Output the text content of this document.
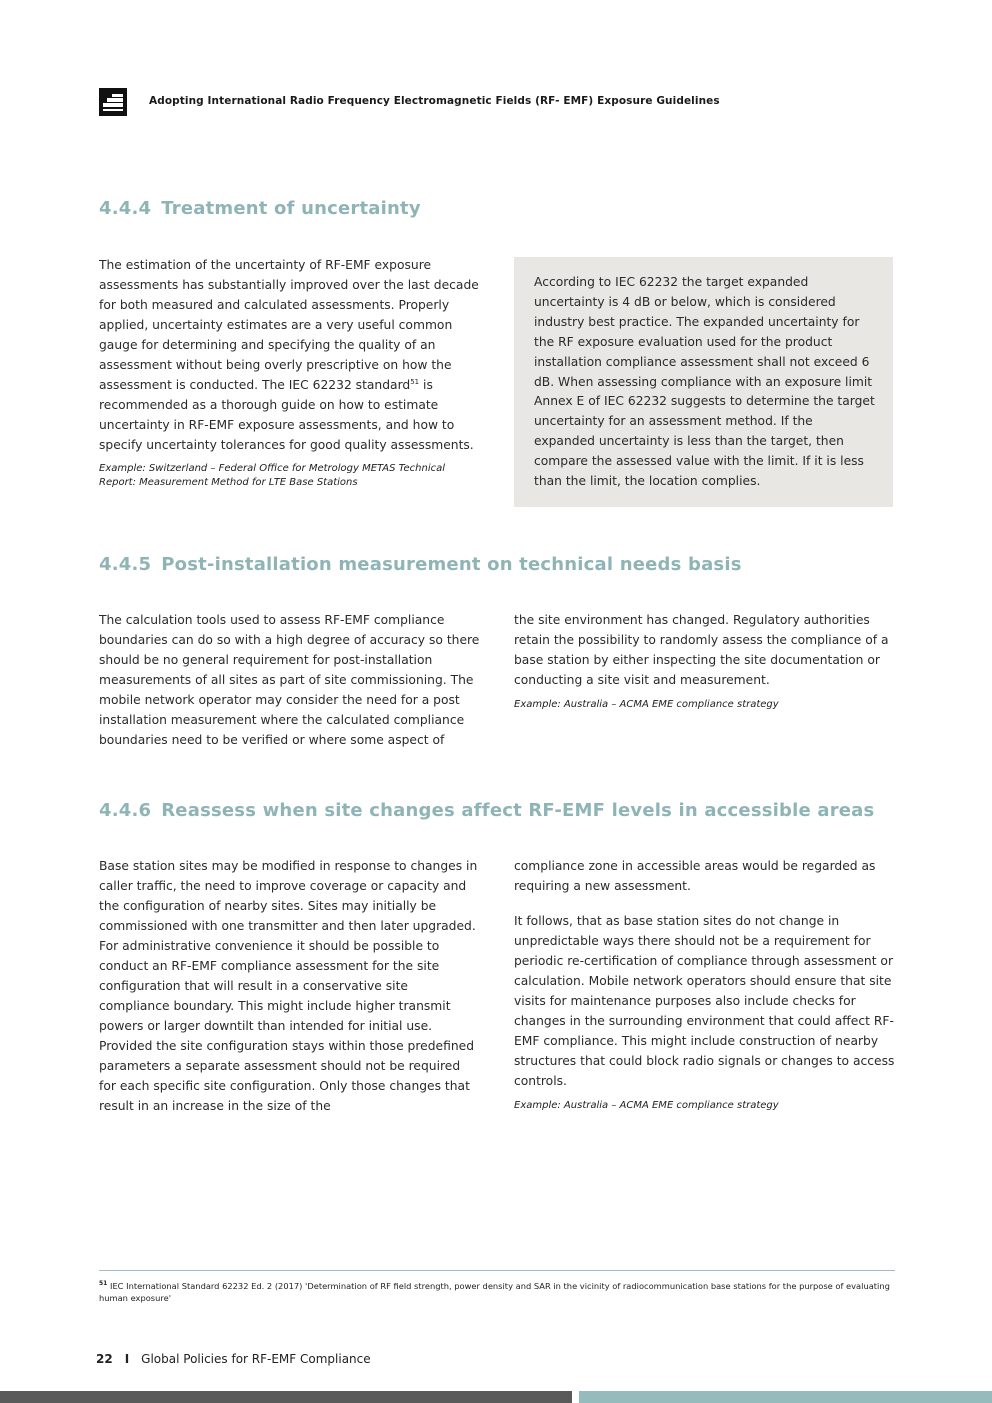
Adopting International Radio Frequency Electromagnetic Fields (RF- EMF) Exposure Guidelines
4.4.4 Treatment of uncertainty

The estimation of the uncertainty of RF-EMF exposure assessments has substantially improved over the last decade for both measured and calculated assessments. Properly applied, uncertainty estimates are a very useful common gauge for determining and specifying the quality of an assessment without being overly prescriptive on how the assessment is conducted. The IEC 62232 standard$^{51}$ is recommended as a thorough guide on how to estimate uncertainty in RF-EMF exposure assessments, and how to specify uncertainty tolerances for good quality assessments.

Example: Switzerland – Federal Office for Metrology METAS Technical Report: Measurement Method for LTE Base Stations
According to IEC 62232 the target expanded uncertainty is 4 dB or below, which is considered industry best practice. The expanded uncertainty for the RF exposure evaluation used for the product installation compliance assessment shall not exceed 6 dB. When assessing compliance with an exposure limit Annex E of IEC 62232 suggests to determine the target uncertainty for an assessment method. If the expanded uncertainty is less than the target, then compare the assessed value with the limit. If it is less than the limit, the location complies.
4.4.5 Post-installation measurement on technical needs basis

The calculation tools used to assess RF-EMF compliance boundaries can do so with a high degree of accuracy so there should be no general requirement for post-installation measurements of all sites as part of site commissioning. The mobile network operator may consider the need for a post installation measurement where the calculated compliance boundaries need to be verified or where some aspect of

the site environment has changed. Regulatory authorities retain the possibility to randomly assess the compliance of a base station by either inspecting the site documentation or conducting a site visit and measurement.

Example: Australia – ACMA EME compliance strategy
4.4.6 Reassess when site changes affect RF-EMF levels in accessible areas

Base station sites may be modified in response to changes in caller traffic, the need to improve coverage or capacity and the configuration of nearby sites. Sites may initially be commissioned with one transmitter and then later upgraded. For administrative convenience it should be possible to conduct an RF-EMF compliance assessment for the site configuration that will result in a conservative site compliance boundary. This might include higher transmit powers or larger downtilt than intended for initial use. Provided the site configuration stays within those predefined parameters a separate assessment should not be required for each specific site configuration. Only those changes that result in an increase in the size of the

compliance zone in accessible areas would be regarded as requiring a new assessment.

It follows, that as base station sites do not change in unpredictable ways there should not be a requirement for periodic re-certification of compliance through assessment or calculation. Mobile network operators should ensure that site visits for maintenance purposes also include checks for changes in the surrounding environment that could affect RF-EMF compliance. This might include construction of nearby structures that could block radio signals or changes to access controls.

Example: Australia – ACMA EME compliance strategy
$^{51}$ IEC International Standard 62232 Ed. 2 (2017) 'Determination of RF field strength, power density and SAR in the vicinity of radiocommunication base stations for the purpose of evaluating human exposure'
22 I Global Policies for RF-EMF Compliance
